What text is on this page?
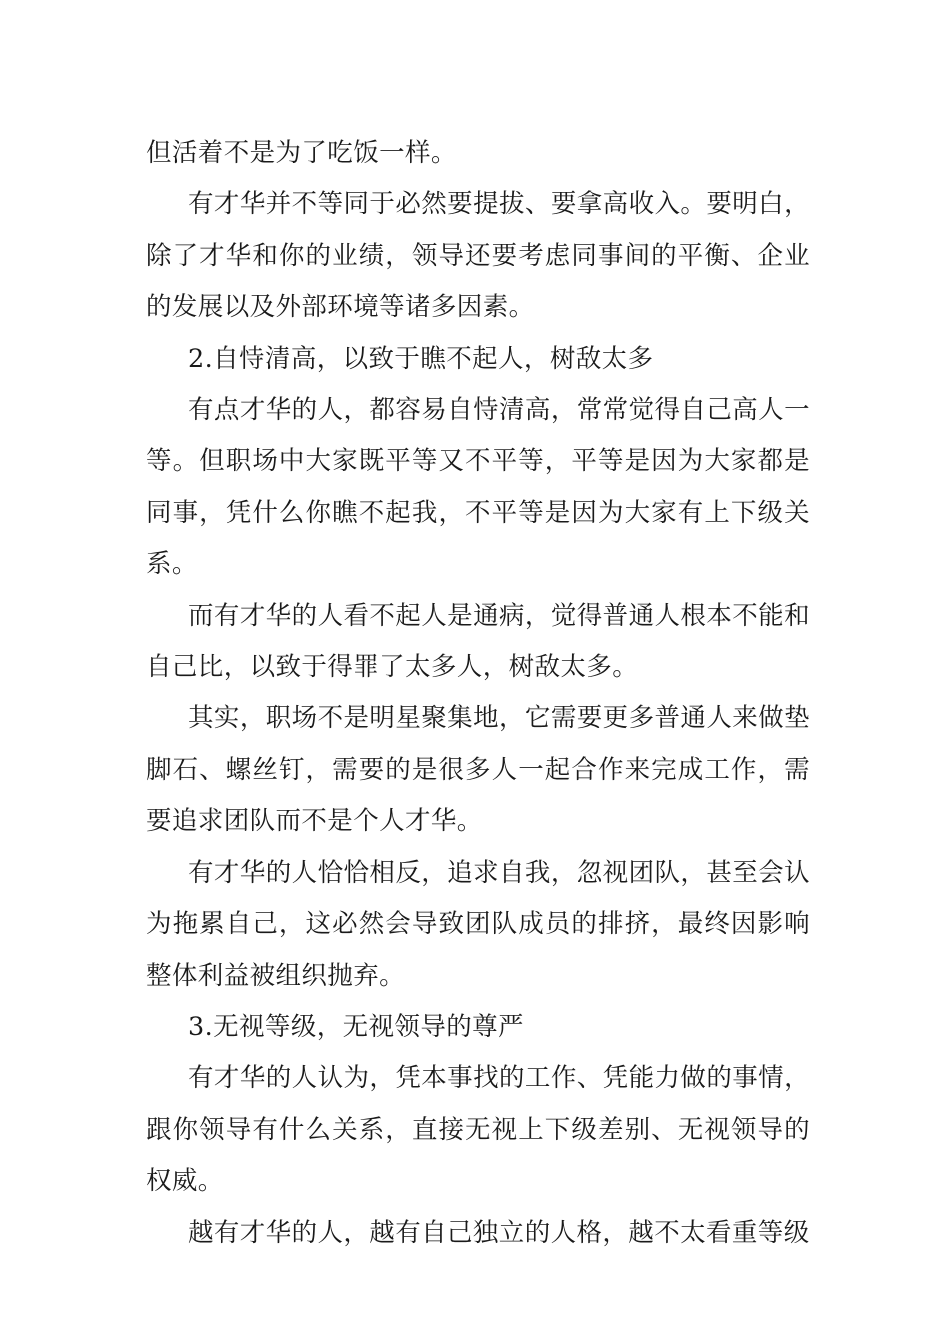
但活着不是为了吃饭一样。

有才华并不等同于必然要提拔、要拿高收入。要明白，除了才华和你的业绩，领导还要考虑同事间的平衡、企业的发展以及外部环境等诸多因素。

2.自恃清高，以致于瞧不起人，树敌太多

有点才华的人，都容易自恃清高，常常觉得自己高人一等。但职场中大家既平等又不平等，平等是因为大家都是同事，凭什么你瞧不起我，不平等是因为大家有上下级关系。

而有才华的人看不起人是通病，觉得普通人根本不能和自己比，以致于得罪了太多人，树敌太多。

其实，职场不是明星聚集地，它需要更多普通人来做垫脚石、螺丝钉，需要的是很多人一起合作来完成工作，需要追求团队而不是个人才华。

有才华的人恰恰相反，追求自我，忽视团队，甚至会认为拖累自己，这必然会导致团队成员的排挤，最终因影响整体利益被组织抛弃。

3.无视等级，无视领导的尊严

有才华的人认为，凭本事找的工作、凭能力做的事情，跟你领导有什么关系，直接无视上下级差别、无视领导的权威。

越有才华的人，越有自己独立的人格，越不太看重等级
